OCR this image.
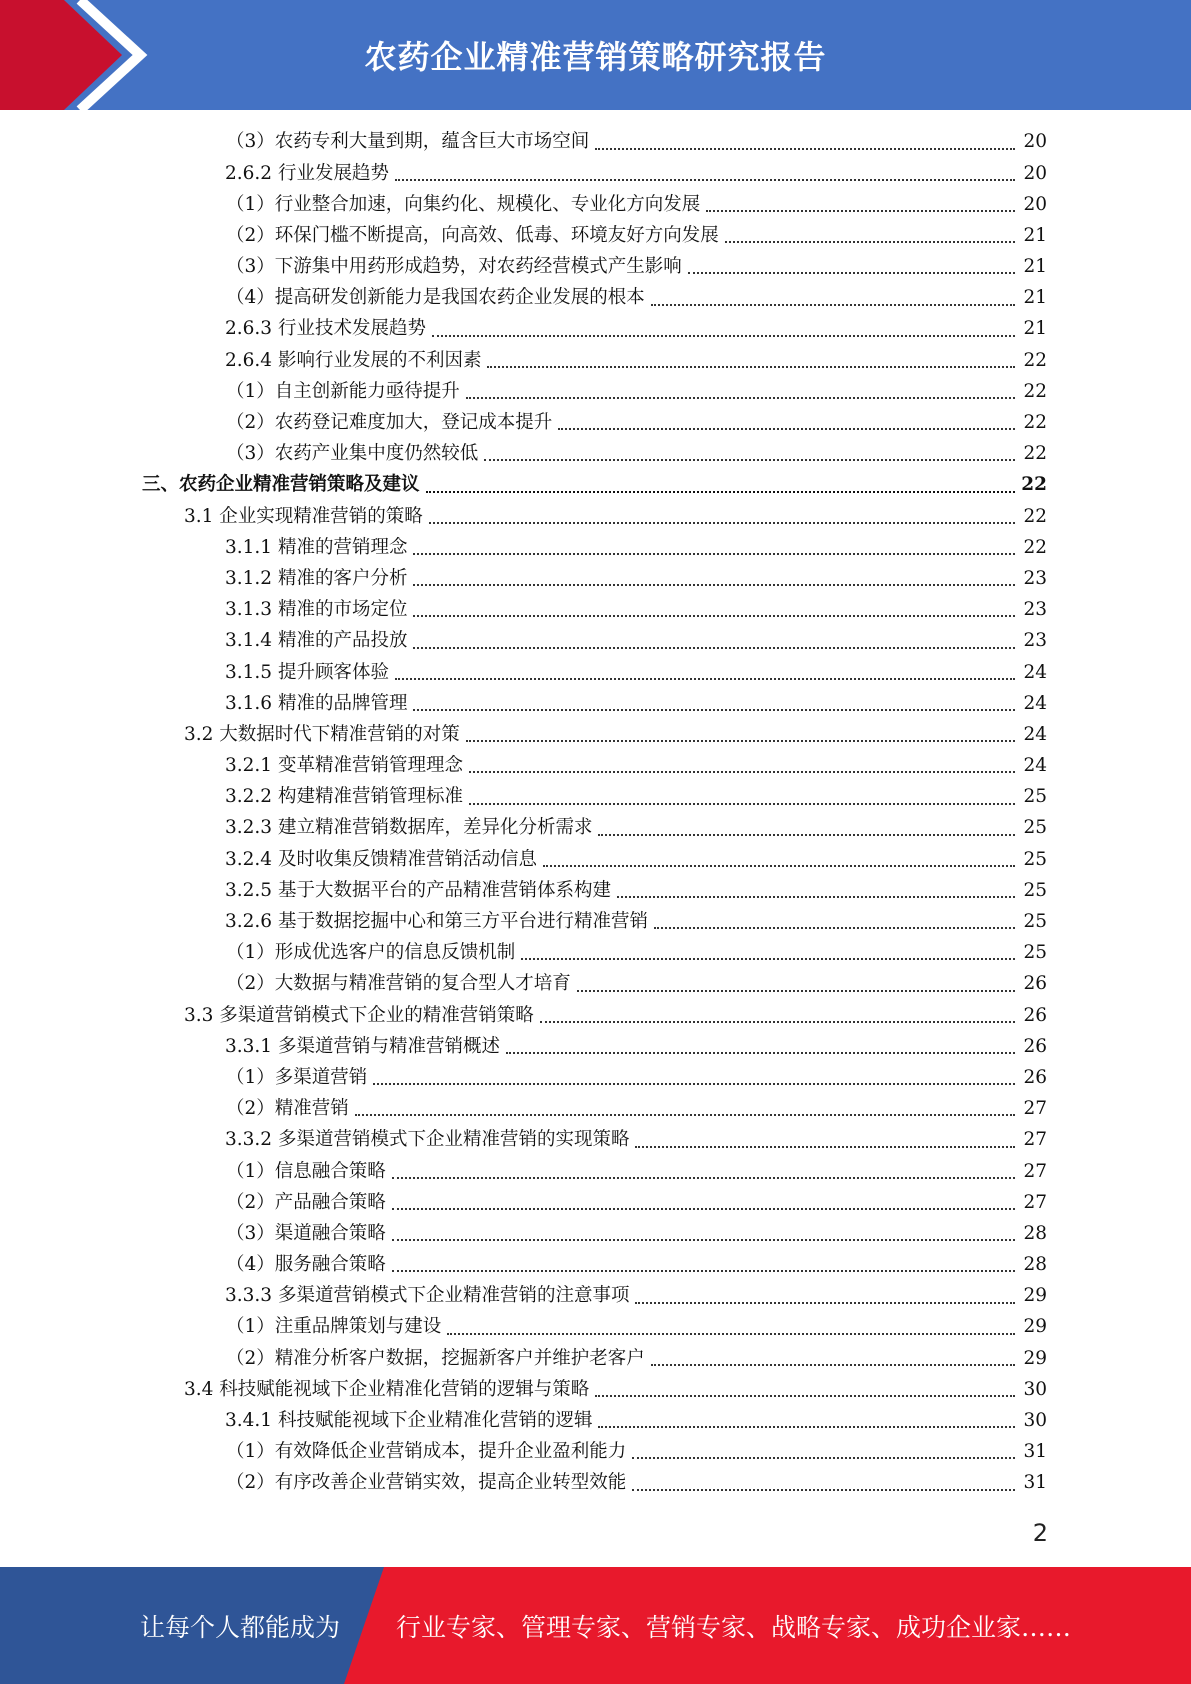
农药企业精准营销策略研究报告
（3）农药专利大量到期，蕴含巨大市场空间	20
2.6.2 行业发展趋势	20
（1）行业整合加速，向集约化、规模化、专业化方向发展	20
（2）环保门槛不断提高，向高效、低毒、环境友好方向发展	21
（3）下游集中用药形成趋势，对农药经营模式产生影响	21
（4）提高研发创新能力是我国农药企业发展的根本	21
2.6.3 行业技术发展趋势	21
2.6.4 影响行业发展的不利因素	22
（1）自主创新能力亟待提升	22
（2）农药登记难度加大，登记成本提升	22
（3）农药产业集中度仍然较低	22
三、农药企业精准营销策略及建议	22
3.1 企业实现精准营销的策略	22
3.1.1 精准的营销理念	22
3.1.2 精准的客户分析	23
3.1.3 精准的市场定位	23
3.1.4 精准的产品投放	23
3.1.5 提升顾客体验	24
3.1.6 精准的品牌管理	24
3.2 大数据时代下精准营销的对策	24
3.2.1 变革精准营销管理理念	24
3.2.2 构建精准营销管理标准	25
3.2.3 建立精准营销数据库，差异化分析需求	25
3.2.4 及时收集反馈精准营销活动信息	25
3.2.5 基于大数据平台的产品精准营销体系构建	25
3.2.6 基于数据挖掘中心和第三方平台进行精准营销	25
（1）形成优选客户的信息反馈机制	25
（2）大数据与精准营销的复合型人才培育	26
3.3 多渠道营销模式下企业的精准营销策略	26
3.3.1 多渠道营销与精准营销概述	26
（1）多渠道营销	26
（2）精准营销	27
3.3.2 多渠道营销模式下企业精准营销的实现策略	27
（1）信息融合策略	27
（2）产品融合策略	27
（3）渠道融合策略	28
（4）服务融合策略	28
3.3.3 多渠道营销模式下企业精准营销的注意事项	29
（1）注重品牌策划与建设	29
（2）精准分析客户数据，挖掘新客户并维护老客户	29
3.4 科技赋能视域下企业精准化营销的逻辑与策略	30
3.4.1 科技赋能视域下企业精准化营销的逻辑	30
（1）有效降低企业营销成本，提升企业盈利能力	31
（2）有序改善企业营销实效，提高企业转型效能	31
2
让每个人都能成为 行业专家、管理专家、营销专家、战略专家、成功企业家……
